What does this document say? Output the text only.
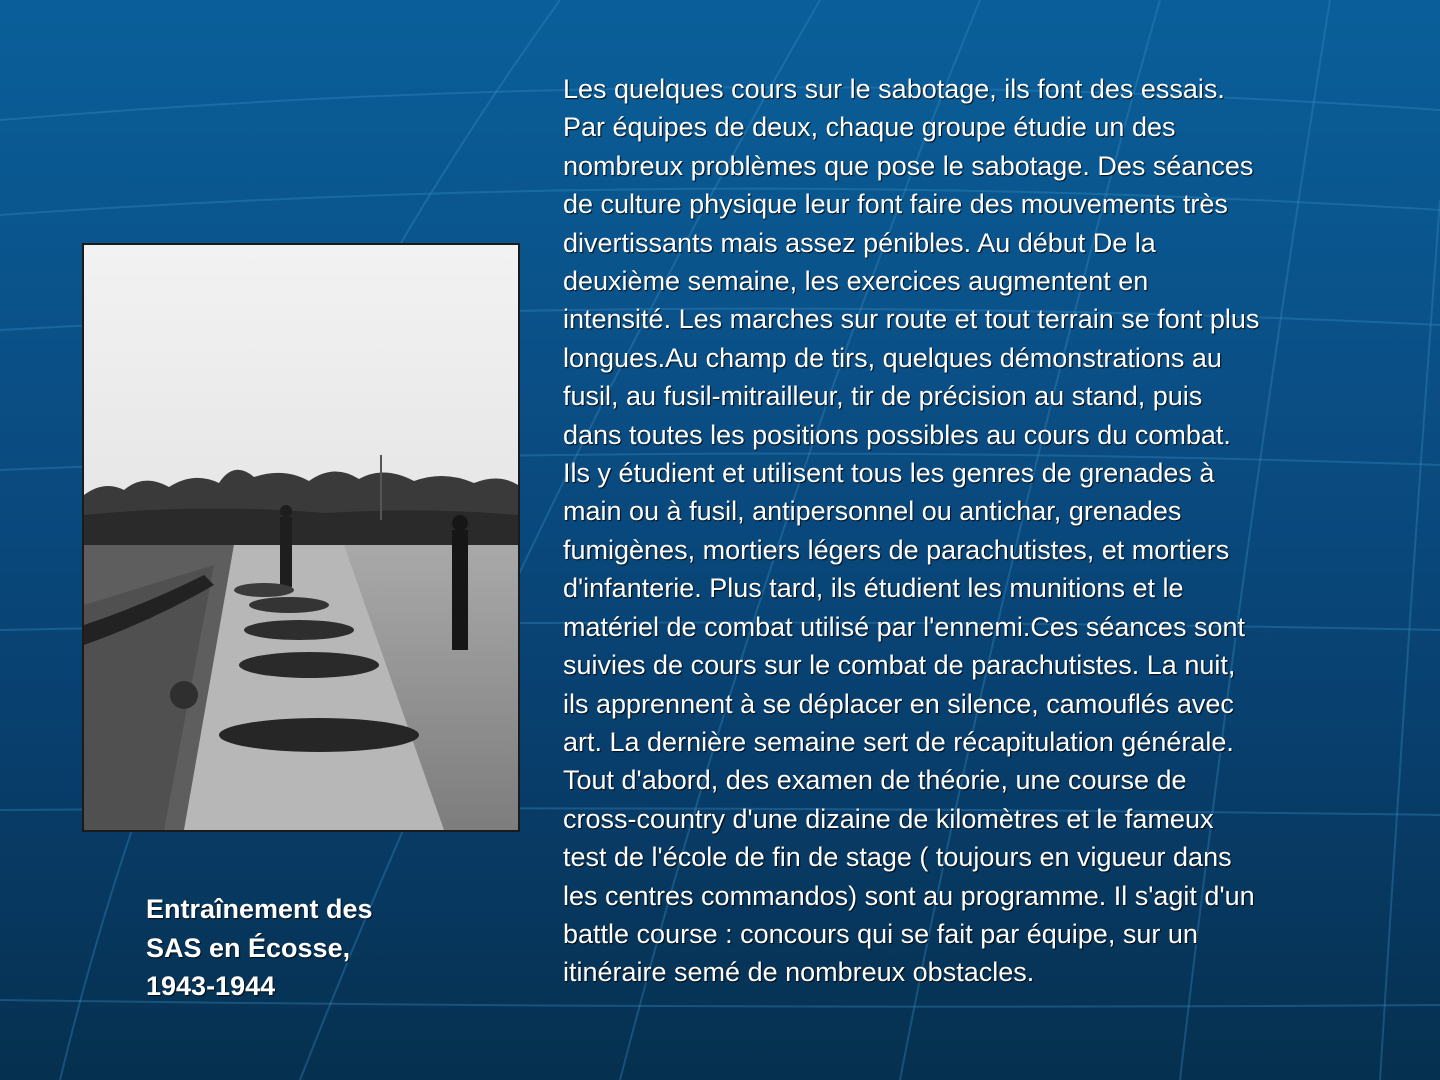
Entraînement des
SAS en Écosse,
1943-1944
Les quelques cours sur le sabotage, ils font des essais.
Par équipes de deux, chaque groupe étudie un des
nombreux problèmes que pose le sabotage. Des séances
de culture physique leur font faire des mouvements très
divertissants mais assez pénibles. Au début De la
deuxième semaine, les exercices augmentent en
intensité. Les marches sur route et tout terrain se font plus
longues.Au champ de tirs, quelques démonstrations au
fusil, au fusil-mitrailleur, tir de précision au stand, puis
dans toutes les positions possibles au cours du combat.
Ils y étudient et utilisent tous les genres de grenades à
main ou à fusil, antipersonnel ou antichar, grenades
fumigènes, mortiers légers de parachutistes, et mortiers
d'infanterie. Plus tard, ils étudient les munitions et le
matériel de combat utilisé par l'ennemi.Ces séances sont
suivies de cours sur le combat de parachutistes. La nuit,
ils apprennent à se déplacer en silence, camouflés avec
art. La dernière semaine sert de récapitulation générale.
Tout d'abord, des examen de théorie, une course de
cross-country d'une dizaine de kilomètres et le fameux
test de l'école de fin de stage ( toujours en vigueur dans
les centres commandos) sont au programme. Il s'agit d'un
battle course : concours qui se fait par équipe, sur un
itinéraire semé de nombreux obstacles.
